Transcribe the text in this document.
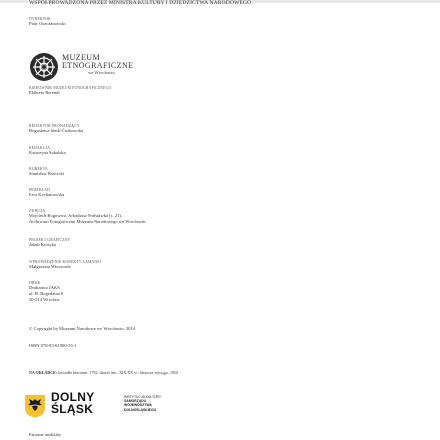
WSPÓŁPROWADZONA PRZEZ MINISTRA KULTURY I DZIEDZICTWA NARODOWEGO
DYREKTOR
Piotr Oszczanowski
MUZEUM
ETNOGRAFICZNE
we Wrocławiu
KIEROWNIK MUZEUM ETNOGRAFICZNEGO
Elżbieta Berendt
REDAKTOR PROWADZĄCY
Bogusława Idzik-Ćwikowska
REDAKCJA
Katarzyna Sokalska
KOREKTA
Stanisław Rościcki
PRZEKŁAD
Ewa Kochanowska
ZDJĘCIA
Wojciech Rogowicz, Arkadiusz Podstawka (s. 21),
Archiwum Fotograficzne Muzeum Narodowego we Wrocławiu
PROJEKT GRAFICZNY
Jakub Kortyka
WPROWADZENIE KOREKTY ŁAMANEJ
Małgorzata Wieczorek
DRUK
Drukarnia JAKS
ul. B. Bogedaina 8
50-514 Wrocław
© Copyright by Muzeum Narodowe we Wrocławiu, 2014
ISBN 978-83-61900-35-1
NA OKŁADCE: kowadło bezrożne, 1792; okucie inic. XIX/XX w.; kleszcze wyciągo. 1850
DOLNY
ŚLĄSK
INSTYTUCJA KULTURY
SAMORZĄDU
WOJEWÓDZTWA
DOLNOŚLĄSKIEGO
Patronat medialny
